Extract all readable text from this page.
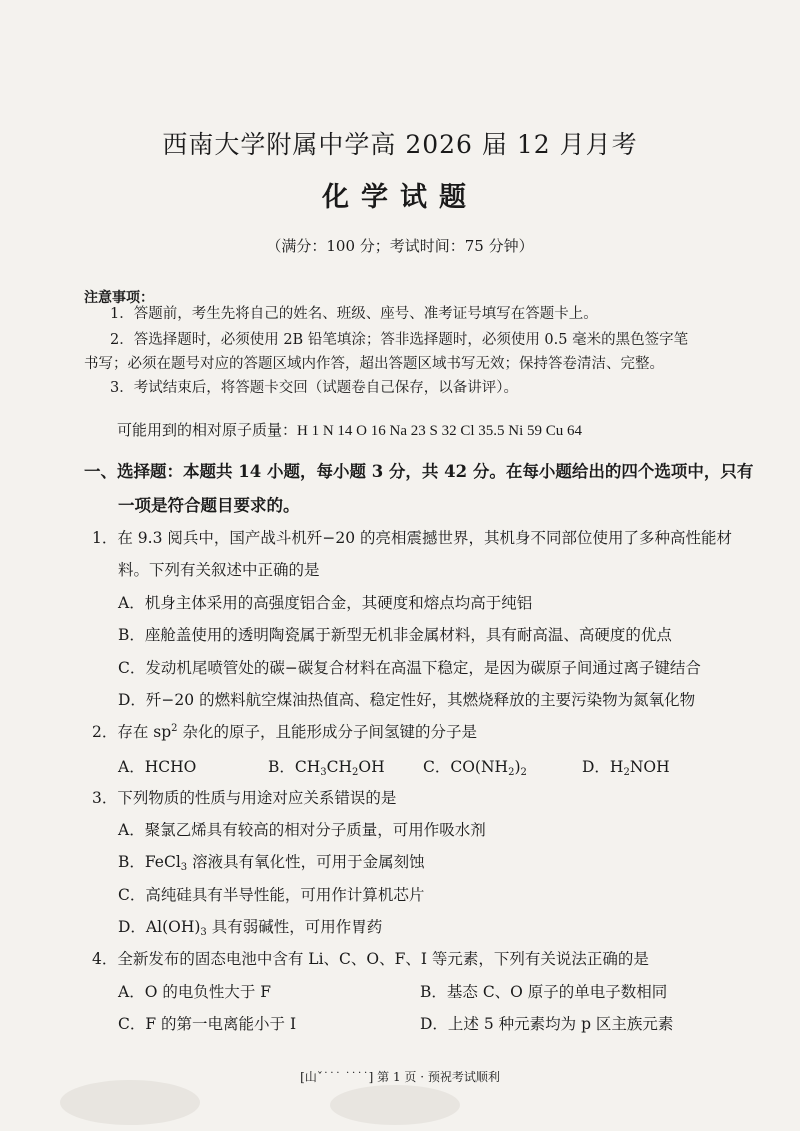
西南大学附属中学高 2026 届 12 月月考
化学试题
（满分：100 分；考试时间：75 分钟）
注意事项：
1．答题前，考生先将自己的姓名、班级、座号、准考证号填写在答题卡上。
2．答选择题时，必须使用 2B 铅笔填涂；答非选择题时，必须使用 0.5 毫米的黑色签字笔
书写；必须在题号对应的答题区域内作答，超出答题区域书写无效；保持答卷清洁、完整。
3．考试结束后，将答题卡交回（试题卷自己保存，以备讲评）。
可能用到的相对原子质量：H 1 N 14 O 16 Na 23 S 32 Cl 35.5 Ni 59 Cu 64
一、选择题：本题共 14 小题，每小题 3 分，共 42 分。在每小题给出的四个选项中，只有
一项是符合题目要求的。
1．在 9.3 阅兵中，国产战斗机歼−20 的亮相震撼世界，其机身不同部位使用了多种高性能材
料。下列有关叙述中正确的是
A．机身主体采用的高强度铝合金，其硬度和熔点均高于纯铝
B．座舱盖使用的透明陶瓷属于新型无机非金属材料，具有耐高温、高硬度的优点
C．发动机尾喷管处的碳−碳复合材料在高温下稳定，是因为碳原子间通过离子键结合
D．歼−20 的燃料航空煤油热值高、稳定性好，其燃烧释放的主要污染物为氮氧化物
2．存在 $sp^2$ 杂化的原子，且能形成分子间氢键的分子是
A．HCHO	B．$CH_3CH_2OH$ C．$CO(NH_2)_2$	D．$H_2NOH$
3．下列物质的性质与用途对应关系错误的是
A．聚氯乙烯具有较高的相对分子质量，可用作吸水剂
B．FeCl$_3$ 溶液具有氧化性，可用于金属刻蚀
C．高纯硅具有半导性能，可用作计算机芯片
D．$Al(OH)_3$ 具有弱碱性，可用作胃药
4．全新发布的固态电池中含有 Li、C、O、F、I 等元素，下列有关说法正确的是
A．O 的电负性大于 F	B．基态 C、O 原子的单电子数相同
C．F 的第一电离能小于 I	D．上述 5 种元素均为 p 区主族元素
[山ˇ˙˙˙ ˙˙˙˙] 第 1 页 · 预祝考试顺利
